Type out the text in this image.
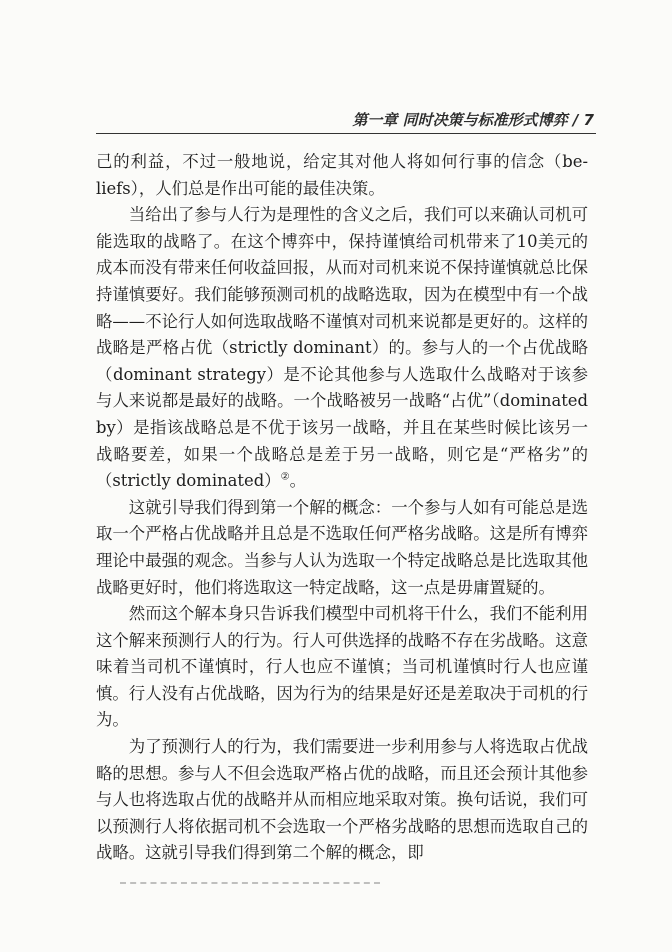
第一章 同时决策与标准形式博弈 / 7

己的利益，不过一般地说，给定其对他人将如何行事的信念（be-liefs），人们总是作出可能的最佳决策。

当给出了参与人行为是理性的含义之后，我们可以来确认司机可能选取的战略了。在这个博弈中，保持谨慎给司机带来了10美元的成本而没有带来任何收益回报，从而对司机来说不保持谨慎就总比保持谨慎要好。我们能够预测司机的战略选取，因为在模型中有一个战略——不论行人如何选取战略不谨慎对司机来说都是更好的。这样的战略是严格占优（strictly dominant）的。参与人的一个占优战略（dominant strategy）是不论其他参与人选取什么战略对于该参与人来说都是最好的战略。一个战略被另一战略“占优”（dominated by）是指该战略总是不优于该另一战略，并且在某些时候比该另一战略要差，如果一个战略总是差于另一战略，则它是“严格劣”的（strictly dominated）②。

这就引导我们得到第一个解的概念：一个参与人如有可能总是选取一个严格占优战略并且总是不选取任何严格劣战略。这是所有博弈理论中最强的观念。当参与人认为选取一个特定战略总是比选取其他战略更好时，他们将选取这一特定战略，这一点是毋庸置疑的。

然而这个解本身只告诉我们模型中司机将干什么，我们不能利用这个解来预测行人的行为。行人可供选择的战略不存在劣战略。这意味着当司机不谨慎时，行人也应不谨慎；当司机谨慎时行人也应谨慎。行人没有占优战略，因为行为的结果是好还是差取决于司机的行为。

为了预测行人的行为，我们需要进一步利用参与人将选取占优战略的思想。参与人不但会选取严格占优的战略，而且还会预计其他参与人也将选取占优的战略并从而相应地采取对策。换句话说，我们可以预测行人将依据司机不会选取一个严格劣战略的思想而选取自己的战略。这就引导我们得到第二个解的概念，即
